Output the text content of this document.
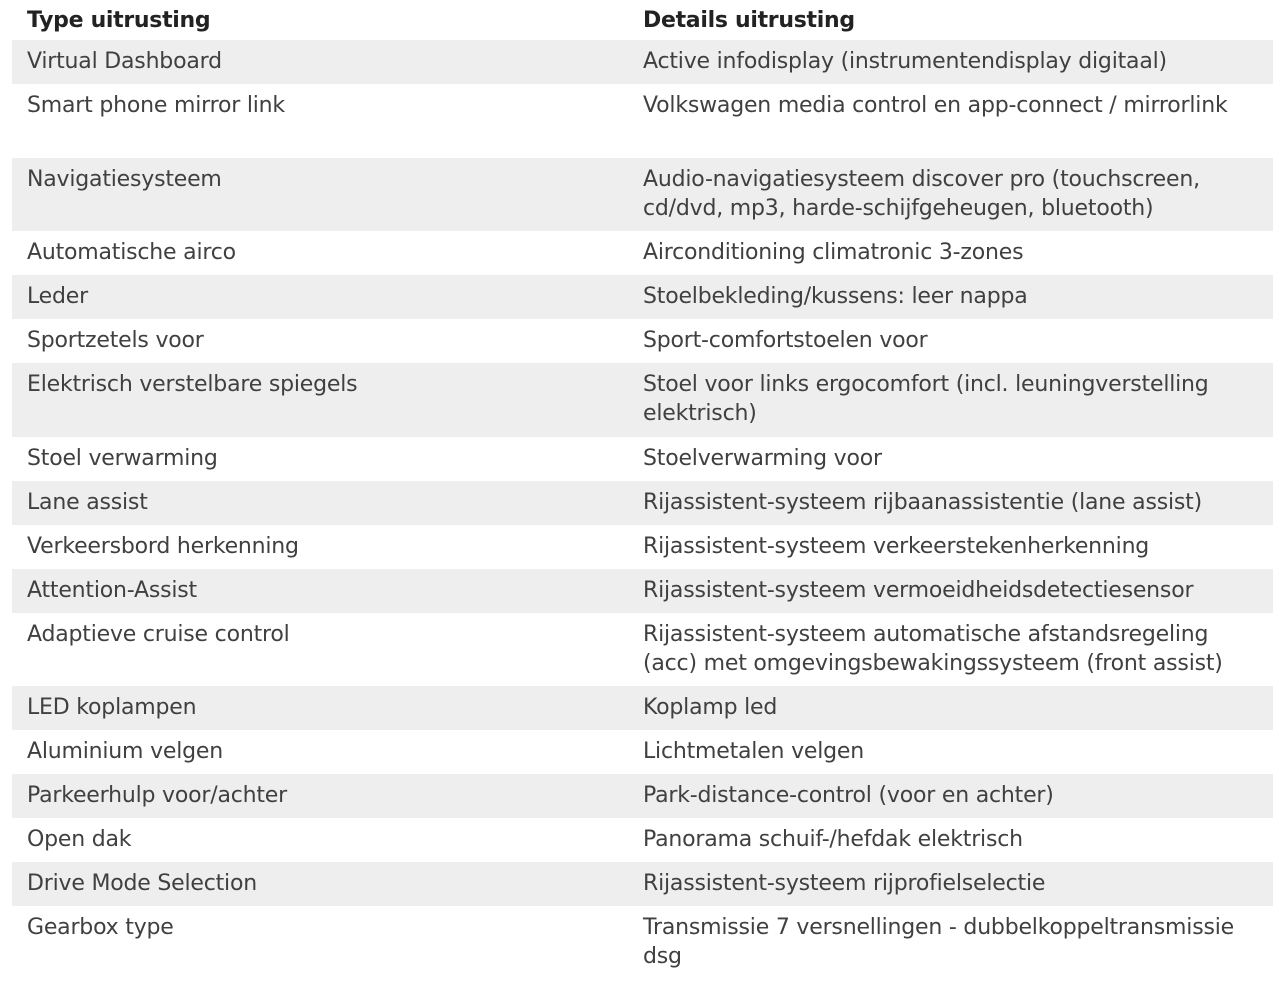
Type uitrusting	Details uitrusting
Virtual Dashboard	Active infodisplay (instrumentendisplay digitaal)
Smart phone mirror link	Volkswagen media control en app-connect / mirrorlink
Navigatiesysteem	Audio-navigatiesysteem discover pro (touchscreen, cd/dvd, mp3, harde-schijfgeheugen, bluetooth)
Automatische airco	Airconditioning climatronic 3-zones
Leder	Stoelbekleding/kussens: leer nappa
Sportzetels voor	Sport-comfortstoelen voor
Elektrisch verstelbare spiegels	Stoel voor links ergocomfort (incl. leuningverstelling elektrisch)
Stoel verwarming	Stoelverwarming voor
Lane assist	Rijassistent-systeem rijbaanassistentie (lane assist)
Verkeersbord herkenning	Rijassistent-systeem verkeerstekenherkenning
Attention-Assist	Rijassistent-systeem vermoeidheidsdetectiesensor
Adaptieve cruise control	Rijassistent-systeem automatische afstandsregeling (acc) met omgevingsbewakingssysteem (front assist)
LED koplampen	Koplamp led
Aluminium velgen	Lichtmetalen velgen
Parkeerhulp voor/achter	Park-distance-control (voor en achter)
Open dak	Panorama schuif-/hefdak elektrisch
Drive Mode Selection	Rijassistent-systeem rijprofielselectie
Gearbox type	Transmissie 7 versnellingen - dubbelkoppeltransmissie dsg
